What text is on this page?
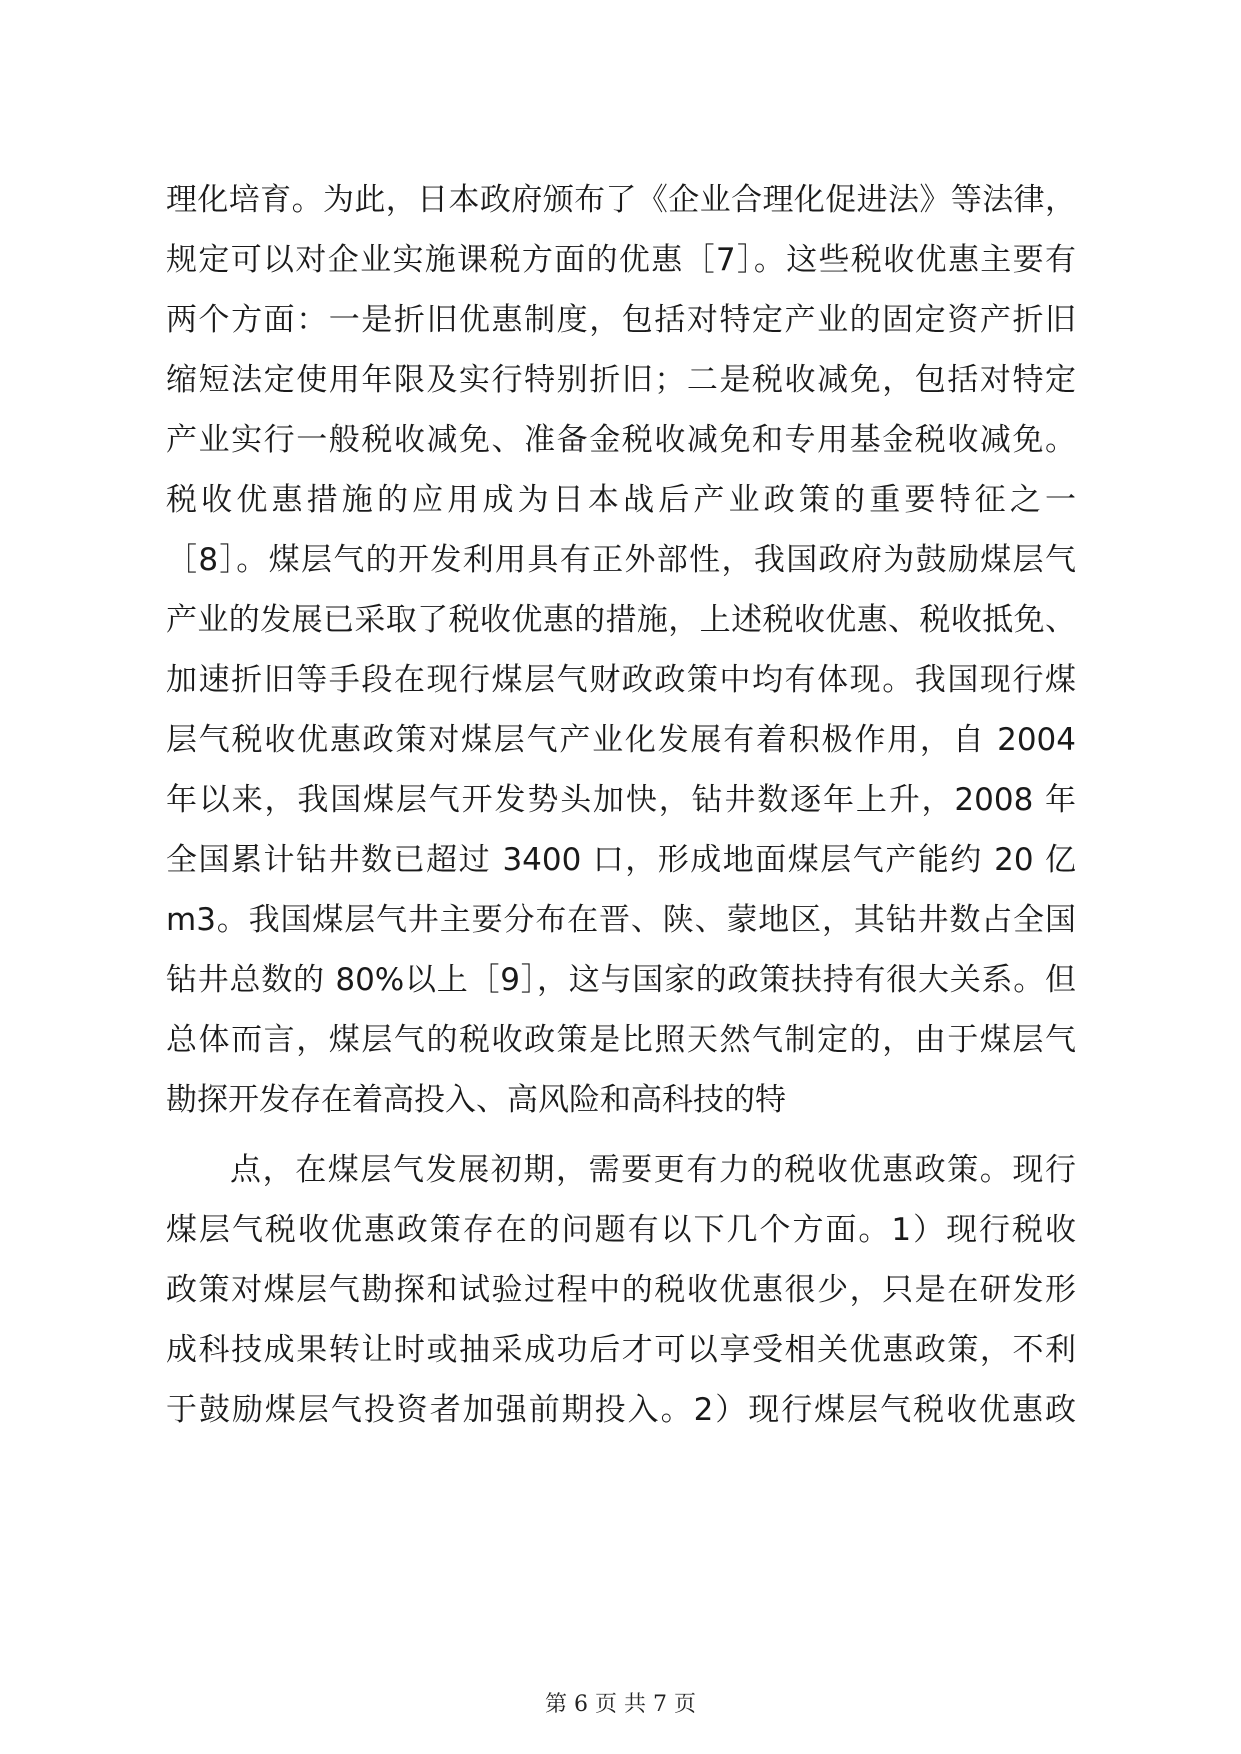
理化培育。为此，日本政府颁布了《企业合理化促进法》等法律，
规定可以对企业实施课税方面的优惠［7］。这些税收优惠主要有
两个方面：一是折旧优惠制度，包括对特定产业的固定资产折旧
缩短法定使用年限及实行特别折旧；二是税收减免，包括对特定
产业实行一般税收减免、准备金税收减免和专用基金税收减免。
税收优惠措施的应用成为日本战后产业政策的重要特征之一
［8］。煤层气的开发利用具有正外部性，我国政府为鼓励煤层气
产业的发展已采取了税收优惠的措施，上述税收优惠、税收抵免、
加速折旧等手段在现行煤层气财政政策中均有体现。我国现行煤
层气税收优惠政策对煤层气产业化发展有着积极作用，自 2004
年以来，我国煤层气开发势头加快，钻井数逐年上升，2008 年
全国累计钻井数已超过 3400 口，形成地面煤层气产能约 20 亿
m3。我国煤层气井主要分布在晋、陕、蒙地区，其钻井数占全国
钻井总数的 80%以上［9］，这与国家的政策扶持有很大关系。但
总体而言，煤层气的税收政策是比照天然气制定的，由于煤层气
勘探开发存在着高投入、高风险和高科技的特
点，在煤层气发展初期，需要更有力的税收优惠政策。现行
煤层气税收优惠政策存在的问题有以下几个方面。1）现行税收
政策对煤层气勘探和试验过程中的税收优惠很少，只是在研发形
成科技成果转让时或抽采成功后才可以享受相关优惠政策，不利
于鼓励煤层气投资者加强前期投入。2）现行煤层气税收优惠政
第 6 页 共 7 页
